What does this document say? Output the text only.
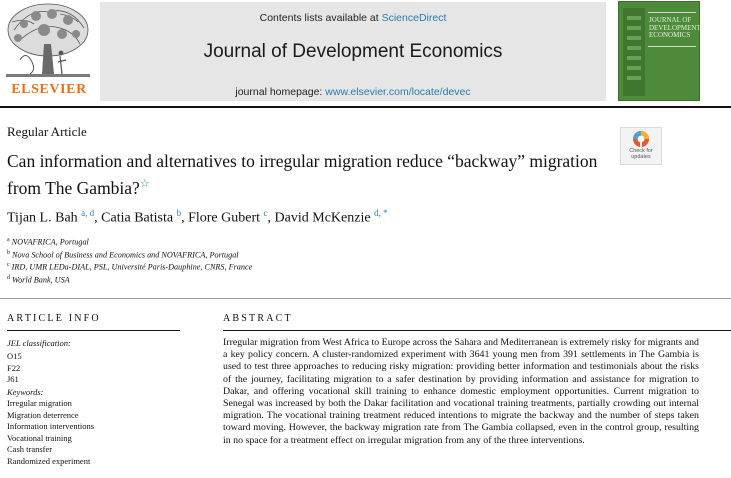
ELSEVIER
Contents lists available at ScienceDirect
Journal of Development Economics
journal homepage: www.elsevier.com/locate/devec
JOURNAL OF DEVELOPMENT ECONOMICS
Regular Article
Can information and alternatives to irregular migration reduce “backway” migration from The Gambia?☆
Check for updates
Tijan L. Bah $^{a, d}$, Catia Batista $^b$, Flore Gubert $^c$, David McKenzie $^{d, *}$
$^a$ NOVAFRICA, Portugal
$^b$ Nova School of Business and Economics and NOVAFRICA, Portugal
$^c$ IRD, UMR LEDa-DIAL, PSL, Université Paris-Dauphine, CNRS, France
$^d$ World Bank, USA
ARTICLE INFO
JEL classification:
O15
F22
J61
Keywords:
Irregular migration
Migration deterrence
Information interventions
Vocational training
Cash transfer
Randomized experiment
ABSTRACT
Irregular migration from West Africa to Europe across the Sahara and Mediterranean is extremely risky for migrants and a key policy concern. A cluster-randomized experiment with 3641 young men from 391 settlements in The Gambia is used to test three approaches to reducing risky migration: providing better information and testimonials about the risks of the journey, facilitating migration to a safer destination by providing information and assistance for migration to Dakar, and offering vocational skill training to enhance domestic employment opportunities. Current migration to Senegal was increased by both the Dakar facilitation and vocational training treatments, partially crowding out internal migration. The vocational training treatment reduced intentions to migrate the backway and the number of steps taken toward moving. However, the backway migration rate from The Gambia collapsed, even in the control group, resulting in no space for a treatment effect on irregular migration from any of the three interventions.
